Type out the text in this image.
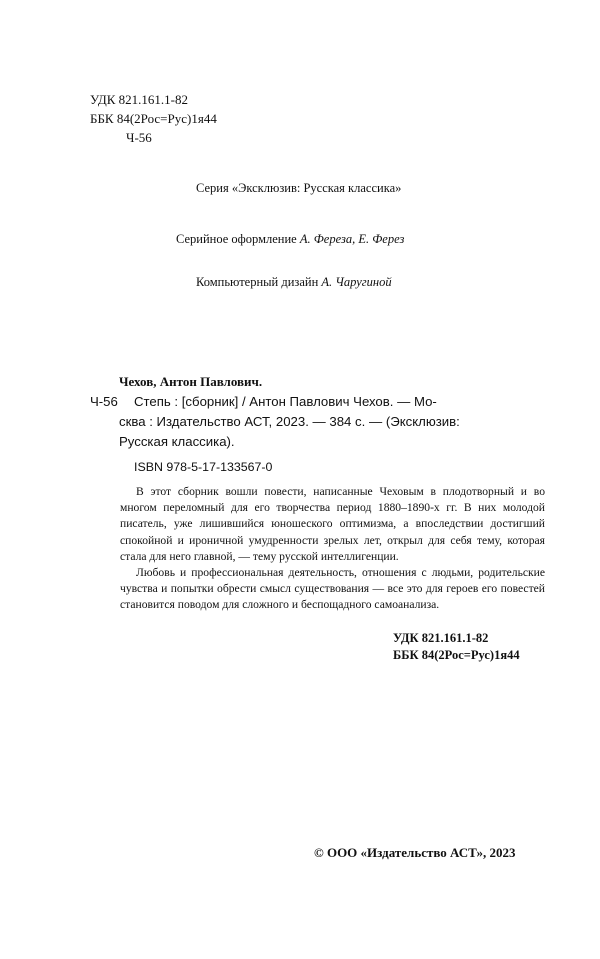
УДК 821.161.1-82
ББК 84(2Рос=Рус)1я44
Ч-56
Серия «Эксклюзив: Русская классика»
Серийное оформление А. Фереза, Е. Ферез
Компьютерный дизайн А. Чаругиной
Чехов, Антон Павлович.
Ч-56 Степь : [сборник] / Антон Павлович Чехов. — Мо-
сква : Издательство АСТ, 2023. — 384 с. — (Эксклюзив:
Русская классика).
ISBN 978-5-17-133567-0

В этот сборник вошли повести, написанные Чеховым в плодотворный и во многом переломный для его творчества период 1880–1890-х гг. В них молодой писатель, уже лишившийся юношеского оптимизма, а впоследствии достигший спокойной и ироничной умудренности зрелых лет, открыл для себя тему, которая стала для него главной, — тему русской интеллигенции.

Любовь и профессиональная деятельность, отношения с людьми, родительские чувства и попытки обрести смысл существования — все это для героев его повестей становится поводом для сложного и беспощадного самоанализа.

УДК 821.161.1-82
ББК 84(2Рос=Рус)1я44
© ООО «Издательство АСТ», 2023
